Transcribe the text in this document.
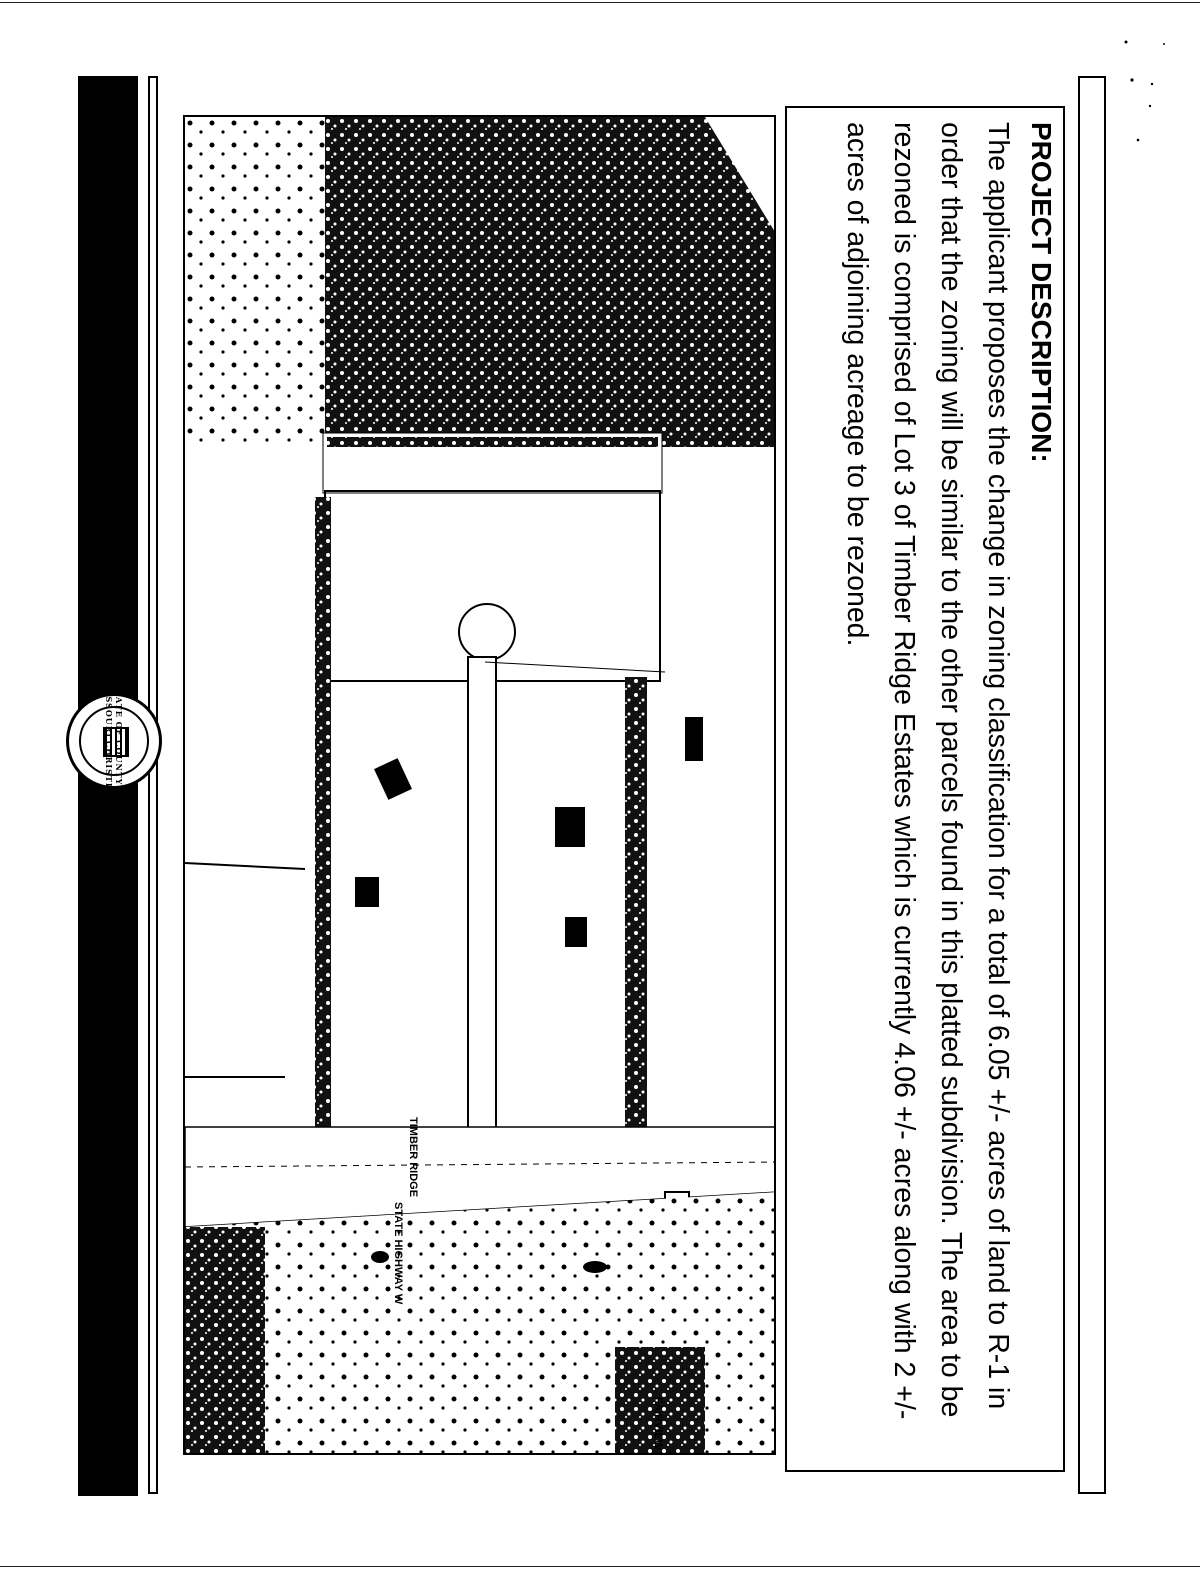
STATE OF MISSOURI
COUNTY OF CHRISTIAN
TIMBER RIDGE
STATE HIGHWAY W
FAIRVIEW

PROJECT DESCRIPTION:

The applicant proposes the change in zoning classification for a total of 6.05 +/- acres of land to R-1 in order that the zoning will be similar to the other parcels found in this platted subdivision. The area to be rezoned is comprised of Lot 3 of Timber Ridge Estates which is currently 4.06 +/- acres along with 2 +/- acres of adjoining acreage to be rezoned.
